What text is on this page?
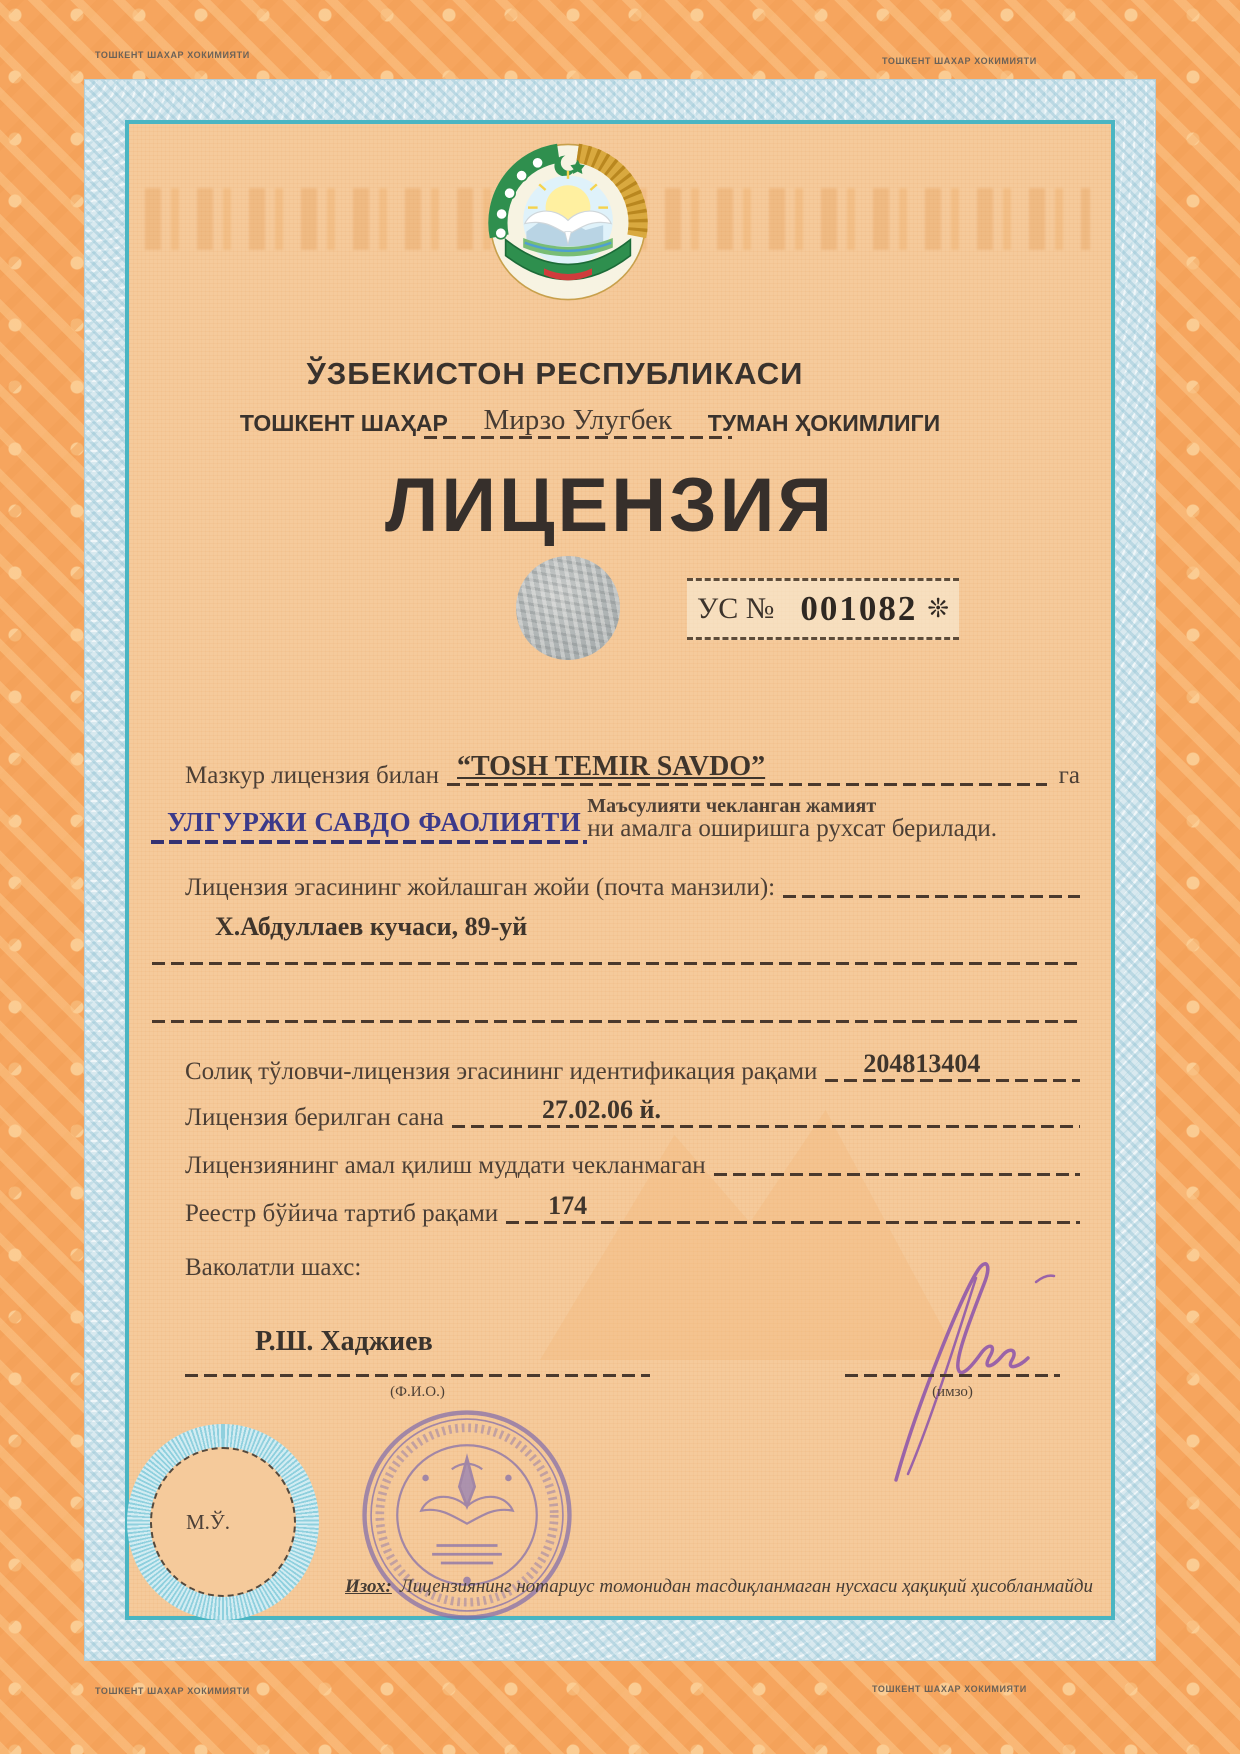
ТОШКЕНТ ШАХАР ХОКИМИЯТИ
ТОШКЕНТ ШАХАР ХОКИМИЯТИ
ТОШКЕНТ ШАХАР ХОКИМИЯТИ	ТОШКЕНТ ШАХАР ХОКИМИЯТИ
ЎЗБЕКИСТОН РЕСПУБЛИКАСИ
ТОШКЕНТ ШАҲАР Мирзо Улугбек ТУМАН ҲОКИМЛИГИ
ЛИЦЕНЗИЯ
УС № 001082 ❊
Мазкур лицензия билан “TOSH TEMIR SAVDO”	га
УЛГУРЖИ САВДО ФАОЛИЯТИ
Маъсулияти чекланган жамият
ни амалга оширишга рухсат берилади.
Лицензия эгасининг жойлашган жойи (почта манзили):
Х.Абдуллаев кучаси, 89-уй
Солиқ тўловчи-лицензия эгасининг идентификация рақами 204813404
Лицензия берилган сана	27.02.06 й.
Лицензиянинг амал қилиш муддати чекланмаган
Реестр бўйича тартиб рақами 174
Ваколатли шахс:
Р.Ш. Хаджиев
(Ф.И.О.)	(имзо)
М.Ў.
Изох: Лицензиянинг нотариус томонидан тасдиқланмаган нусхаси ҳақиқий ҳисобланмайди
